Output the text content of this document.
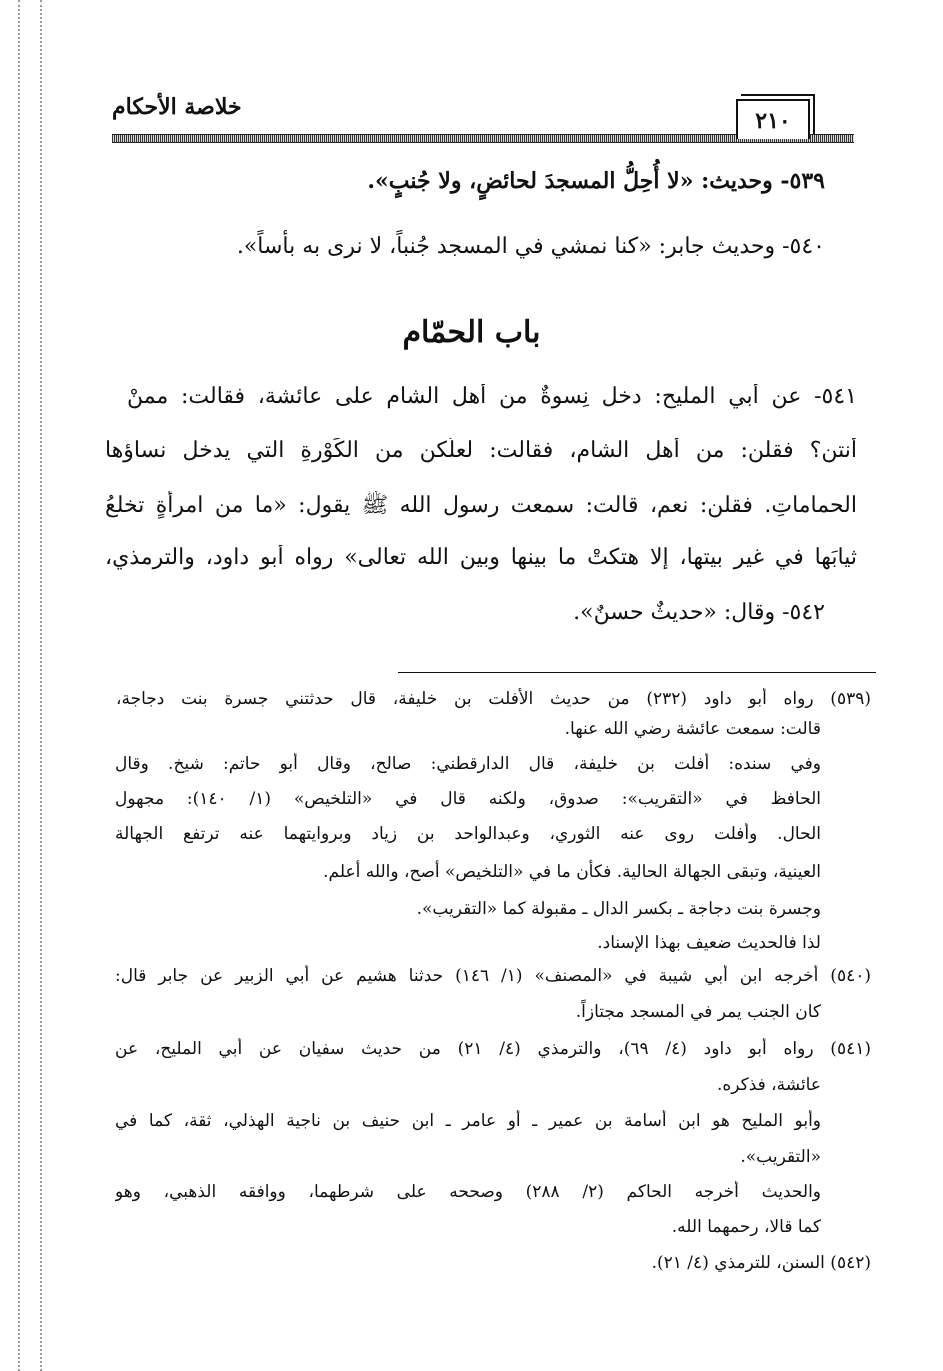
خلاصة الأحكام
٢١٠
٥٣٩- وحديث: «لا أُحِلُّ المسجدَ لحائضٍ، ولا جُنبٍ».
٥٤٠- وحديث جابر: «كنا نمشي في المسجد جُنباً، لا نرى به بأساً».
باب الحمّام
٥٤١- عن أبي المليح: دخل نِسوةٌ من أهل الشام على عائشة، فقالت: ممنْ
أنتن؟ فقلن: من أهل الشام، فقالت: لعلّكن من الكَوْرةِ التي يدخل نساؤها
الحماماتِ. فقلن: نعم، قالت: سمعت رسول الله ﷺ يقول: «ما من امرأةٍ تخلعُ
ثيابَها في غير بيتها، إلا هتكتْ ما بينها وبين الله تعالى» رواه أبو داود، والترمذي،
٥٤٢- وقال: «حديثٌ حسنٌ».
(٥٣٩) رواه أبو داود (٢٣٢) من حديث الأفلت بن خليفة، قال حدثتني جسرة بنت دجاجة،
قالت: سمعت عائشة رضي الله عنها.
وفي سنده: أفلت بن خليفة، قال الدارقطني: صالح، وقال أبو حاتم: شيخ. وقال
الحافظ في «التقريب»: صدوق، ولكنه قال في «التلخيص» (١/ ١٤٠): مجهول
الحال. وأفلت روى عنه الثوري، وعبدالواحد بن زياد وبروايتهما عنه ترتفع الجهالة
العينية، وتبقى الجهالة الحالية. فكأن ما في «التلخيص» أصح، والله أعلم.
وجسرة بنت دجاجة ـ بكسر الدال ـ مقبولة كما «التقريب».
لذا فالحديث ضعيف بهذا الإسناد.
(٥٤٠) أخرجه ابن أبي شيبة في «المصنف» (١/ ١٤٦) حدثنا هشيم عن أبي الزبير عن جابر قال:
كان الجنب يمر في المسجد مجتازاً.
(٥٤١) رواه أبو داود (٤/ ٦٩)، والترمذي (٤/ ٢١) من حديث سفيان عن أبي المليح، عن
عائشة، فذكره.
وأبو المليح هو ابن أسامة بن عمير ـ أو عامر ـ ابن حنيف بن ناجية الهذلي، ثقة، كما في
«التقريب».
والحديث أخرجه الحاكم (٢/ ٢٨٨) وصححه على شرطهما، ووافقه الذهبي، وهو
كما قالا، رحمهما الله.
(٥٤٢) السنن، للترمذي (٤/ ٢١).
